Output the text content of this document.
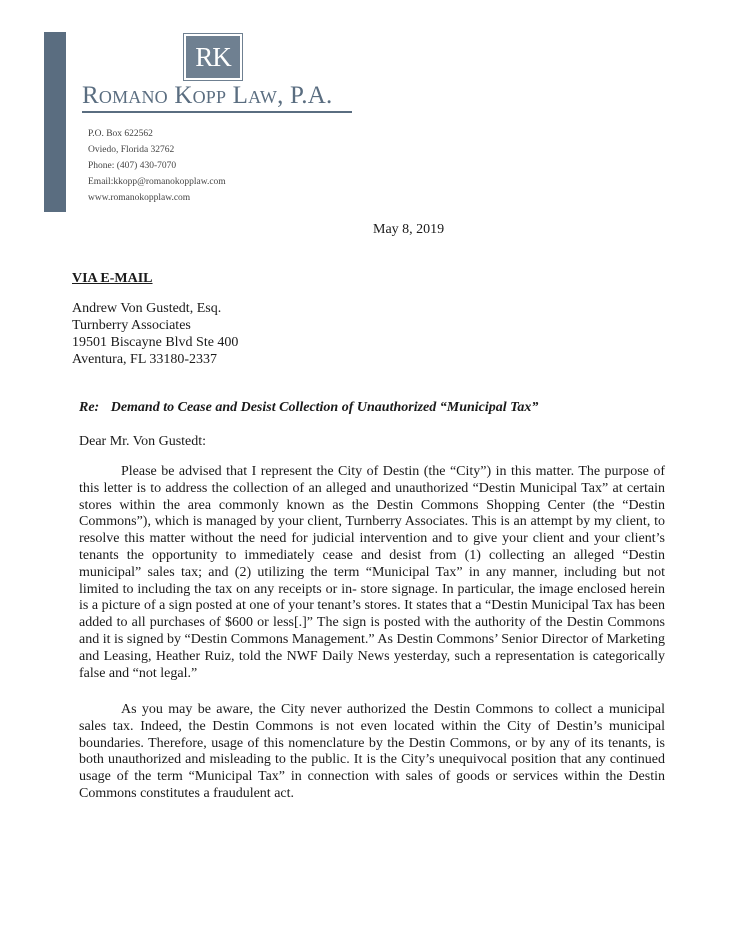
RK
Romano Kopp Law, P.A.
P.O. Box 622562
Oviedo, Florida 32762
Phone: (407) 430-7070
Email:kkopp@romanokopplaw.com
www.romanokopplaw.com
May 8, 2019
VIA E-MAIL
Andrew Von Gustedt, Esq.
Turnberry Associates
19501 Biscayne Blvd Ste 400
Aventura, FL 33180-2337
Re: Demand to Cease and Desist Collection of Unauthorized “Municipal Tax”
Dear Mr. Von Gustedt:

Please be advised that I represent the City of Destin (the “City”) in this matter. The purpose of this letter is to address the collection of an alleged and unauthorized “Destin Municipal Tax” at certain stores within the area commonly known as the Destin Commons Shopping Center (the “Destin Commons”), which is managed by your client, Turnberry Associates. This is an attempt by my client, to resolve this matter without the need for judicial intervention and to give your client and your client’s tenants the opportunity to immediately cease and desist from (1) collecting an alleged “Destin municipal” sales tax; and (2) utilizing the term “Municipal Tax” in any manner, including but not limited to including the tax on any receipts or in- store signage. In particular, the image enclosed herein is a picture of a sign posted at one of your tenant’s stores. It states that a “Destin Municipal Tax has been added to all purchases of $600 or less[.]” The sign is posted with the authority of the Destin Commons and it is signed by “Destin Commons Management.” As Destin Commons’ Senior Director of Marketing and Leasing, Heather Ruiz, told the NWF Daily News yesterday, such a representation is categorically false and “not legal.”

As you may be aware, the City never authorized the Destin Commons to collect a municipal sales tax. Indeed, the Destin Commons is not even located within the City of Destin’s municipal boundaries. Therefore, usage of this nomenclature by the Destin Commons, or by any of its tenants, is both unauthorized and misleading to the public. It is the City’s unequivocal position that any continued usage of the term “Municipal Tax” in connection with sales of goods or services within the Destin Commons constitutes a fraudulent act.
